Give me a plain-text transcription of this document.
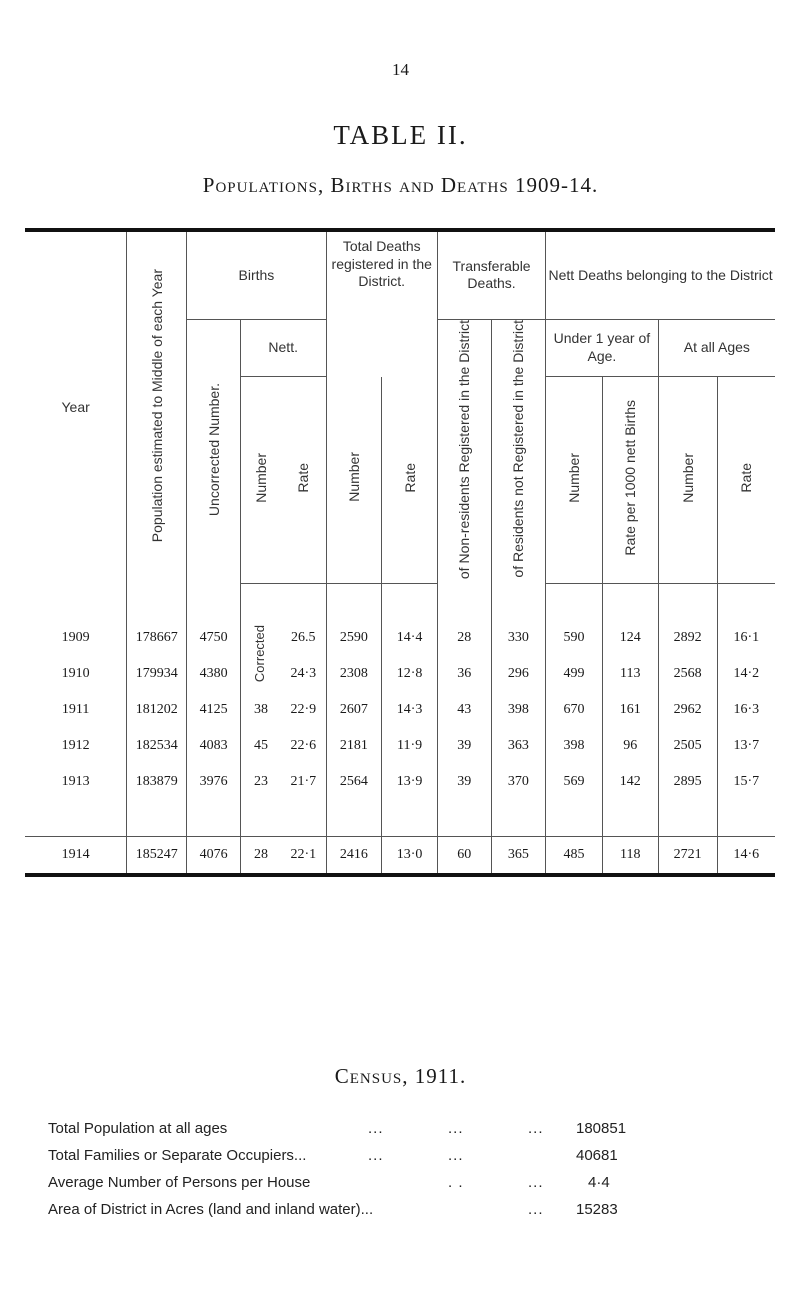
14
TABLE II.
Populations, Births and Deaths 1909-14.
Year	Population estimated to Middle of each Year	Births			Total Deaths registered in the District.		Transferable Deaths.		Nett Deaths belonging to the District			
		Uncorrected Number.	Nett.				of Non-residents Registered in the District	of Residents not Registered in the District	Under 1 year of Age.		At all Ages	
			Number	Rate	Number	Rate			Number	Rate per 1000 nett Births	Number	Rate

1909	178667	4750	Corrected	26.5	2590	14·4	28	330	590	124	2892	16·1
1910	179934	4380		24·3	2308	12·8	36	296	499	113	2568	14·2
1911	181202	4125	38	22·9	2607	14·3	43	398	670	161	2962	16·3
1912	182534	4083	45	22·6	2181	11·9	39	363	398	96	2505	13·7
1913	183879	3976	23	21·7	2564	13·9	39	370	569	142	2895	15·7

1914	185247	4076	28	22·1	2416	13·0	60	365	485	118	2721	14·6
Census, 1911.
Total Population at all ages	...	...	... 180851
Total Families or Separate Occupiers...	...	...	40681
Average Number of Persons per House	. .	...	4·4
Area of District in Acres (land and inland water)...	... 15283
